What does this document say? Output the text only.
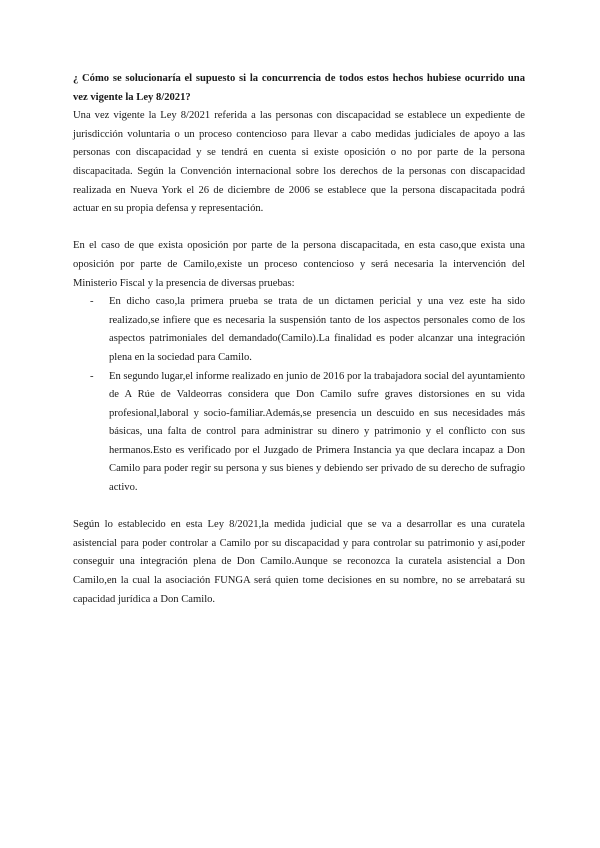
¿ Cómo se solucionaría el supuesto si la concurrencia de todos estos hechos hubiese ocurrido una vez vigente la Ley 8/2021?

Una vez vigente la Ley 8/2021 referida a las personas con discapacidad se establece un expediente de jurisdicción voluntaria o un proceso contencioso para llevar a cabo medidas judiciales de apoyo a las personas con discapacidad y se tendrá en cuenta si existe oposición o no por parte de la persona discapacitada. Según la Convención internacional sobre los derechos de la personas con discapacidad realizada en Nueva York el 26 de diciembre de 2006 se establece que la persona discapacitada podrá actuar en su propia defensa y representación.

En el caso de que exista oposición por parte de la persona discapacitada, en esta caso,que exista una oposición por parte de Camilo,existe un proceso contencioso y será necesaria la intervención del Ministerio Fiscal y la presencia de diversas pruebas:

- En dicho caso,la primera prueba se trata de un dictamen pericial y una vez este ha sido realizado,se infiere que es necesaria la suspensión tanto de los aspectos personales como de los aspectos patrimoniales del demandado(Camilo).La finalidad es poder alcanzar una integración plena en la sociedad para Camilo.
- En segundo lugar,el informe realizado en junio de 2016 por la trabajadora social del ayuntamiento de A Rúe de Valdeorras considera que Don Camilo sufre graves distorsiones en su vida profesional,laboral y socio-familiar.Además,se presencia un descuido en sus necesidades más básicas, una falta de control para administrar su dinero y patrimonio y el conflicto con sus hermanos.Esto es verificado por el Juzgado de Primera Instancia ya que declara incapaz a Don Camilo para poder regir su persona y sus bienes y debiendo ser privado de su derecho de sufragio activo.

Según lo establecido en esta Ley 8/2021,la medida judicial que se va a desarrollar es una curatela asistencial para poder controlar a Camilo por su discapacidad y para controlar su patrimonio y así,poder conseguir una integración plena de Don Camilo.Aunque se reconozca la curatela asistencial a Don Camilo,en la cual la asociación FUNGA será quien tome decisiones en su nombre, no se arrebatará su capacidad jurídica a Don Camilo.
